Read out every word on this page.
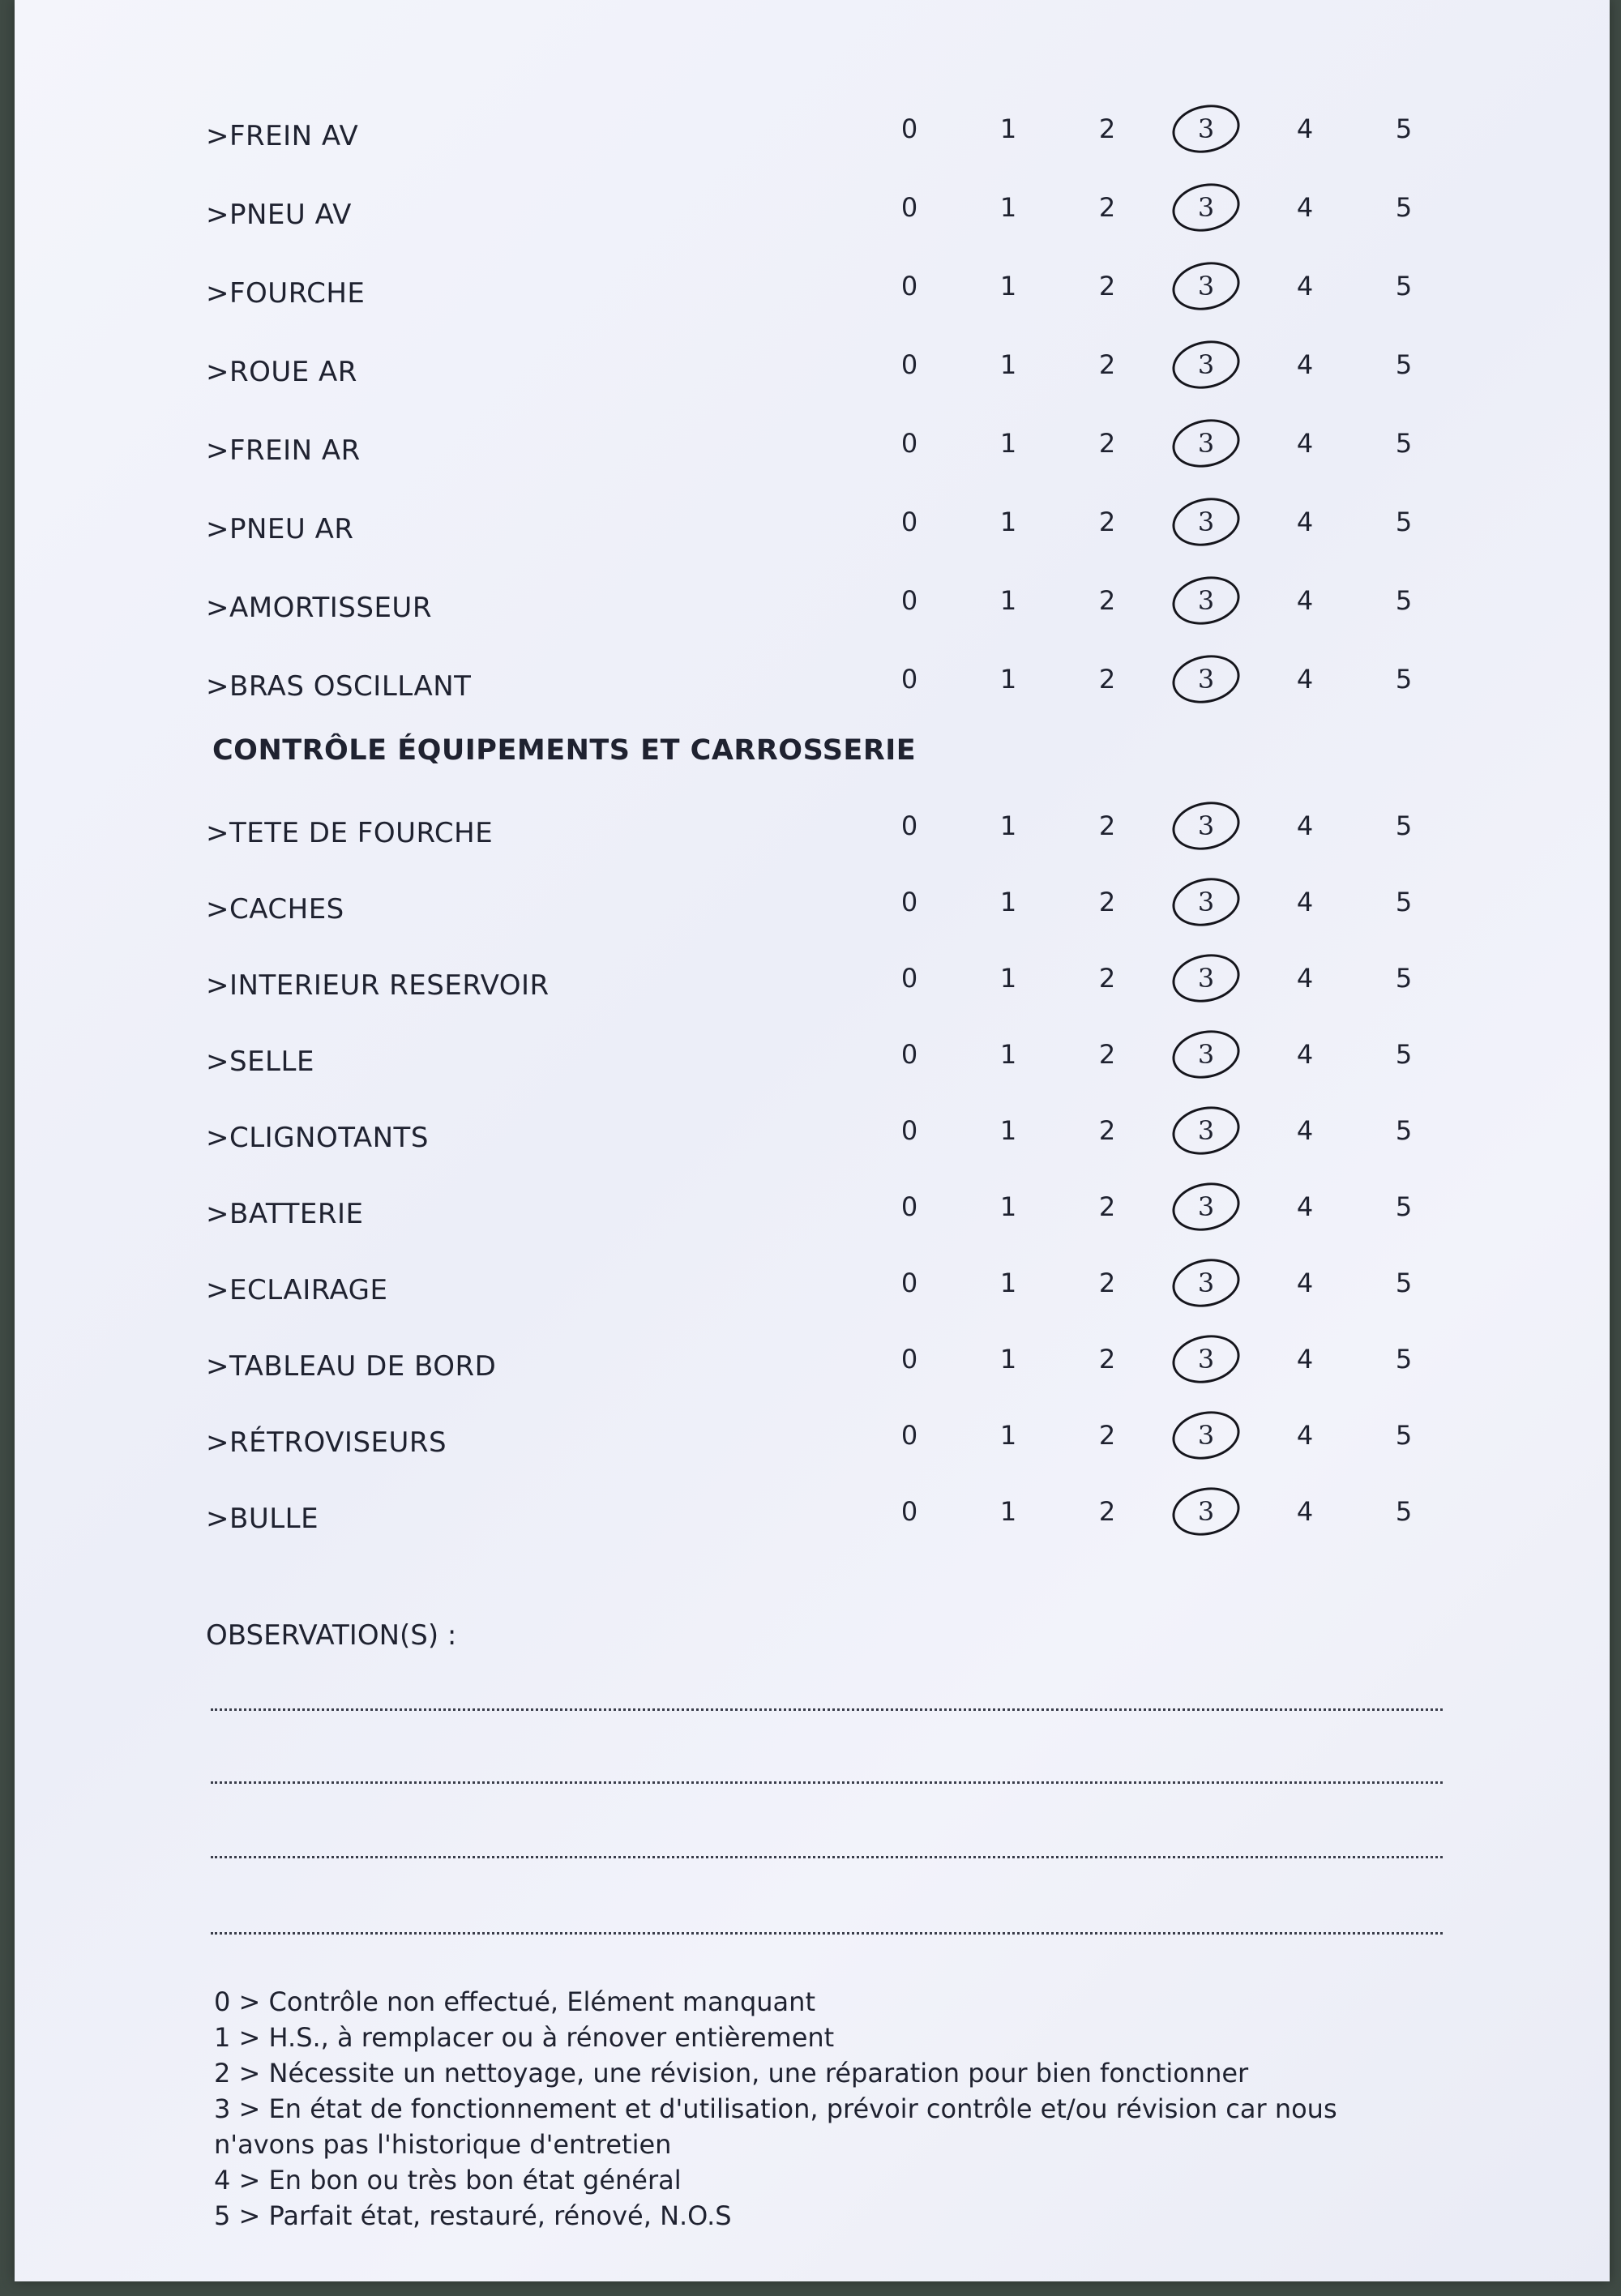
>FREIN AV	0	1	2	3	4	5
>PNEU AV	0	1	2	3	4	5
>FOURCHE	0	1	2	3	4	5
>ROUE AR	0	1	2	3	4	5
>FREIN AR	0	1	2	3	4	5
>PNEU AR	0	1	2	3	4	5
>AMORTISSEUR	0	1	2	3	4	5
>BRAS OSCILLANT	0	1	2	3	4	5
CONTRÔLE ÉQUIPEMENTS ET CARROSSERIE
>TETE DE FOURCHE	0	1	2	3	4	5
>CACHES	0	1	2	3	4	5
>INTERIEUR RESERVOIR	0	1	2	3	4	5
>SELLE	0	1	2	3	4	5
>CLIGNOTANTS	0	1	2	3	4	5
>BATTERIE	0	1	2	3	4	5
>ECLAIRAGE	0	1	2	3	4	5
>TABLEAU DE BORD	0	1	2	3	4	5
>RÉTROVISEURS	0	1	2	3	4	5
>BULLE	0	1	2	3	4	5
OBSERVATION(S) :
0 > Contrôle non effectué, Elément manquant
1 > H.S., à remplacer ou à rénover entièrement
2 > Nécessite un nettoyage, une révision, une réparation pour bien fonctionner
3 > En état de fonctionnement et d'utilisation, prévoir contrôle et/ou révision car nous
n'avons pas l'historique d'entretien
4 > En bon ou très bon état général
5 > Parfait état, restauré, rénové, N.O.S
